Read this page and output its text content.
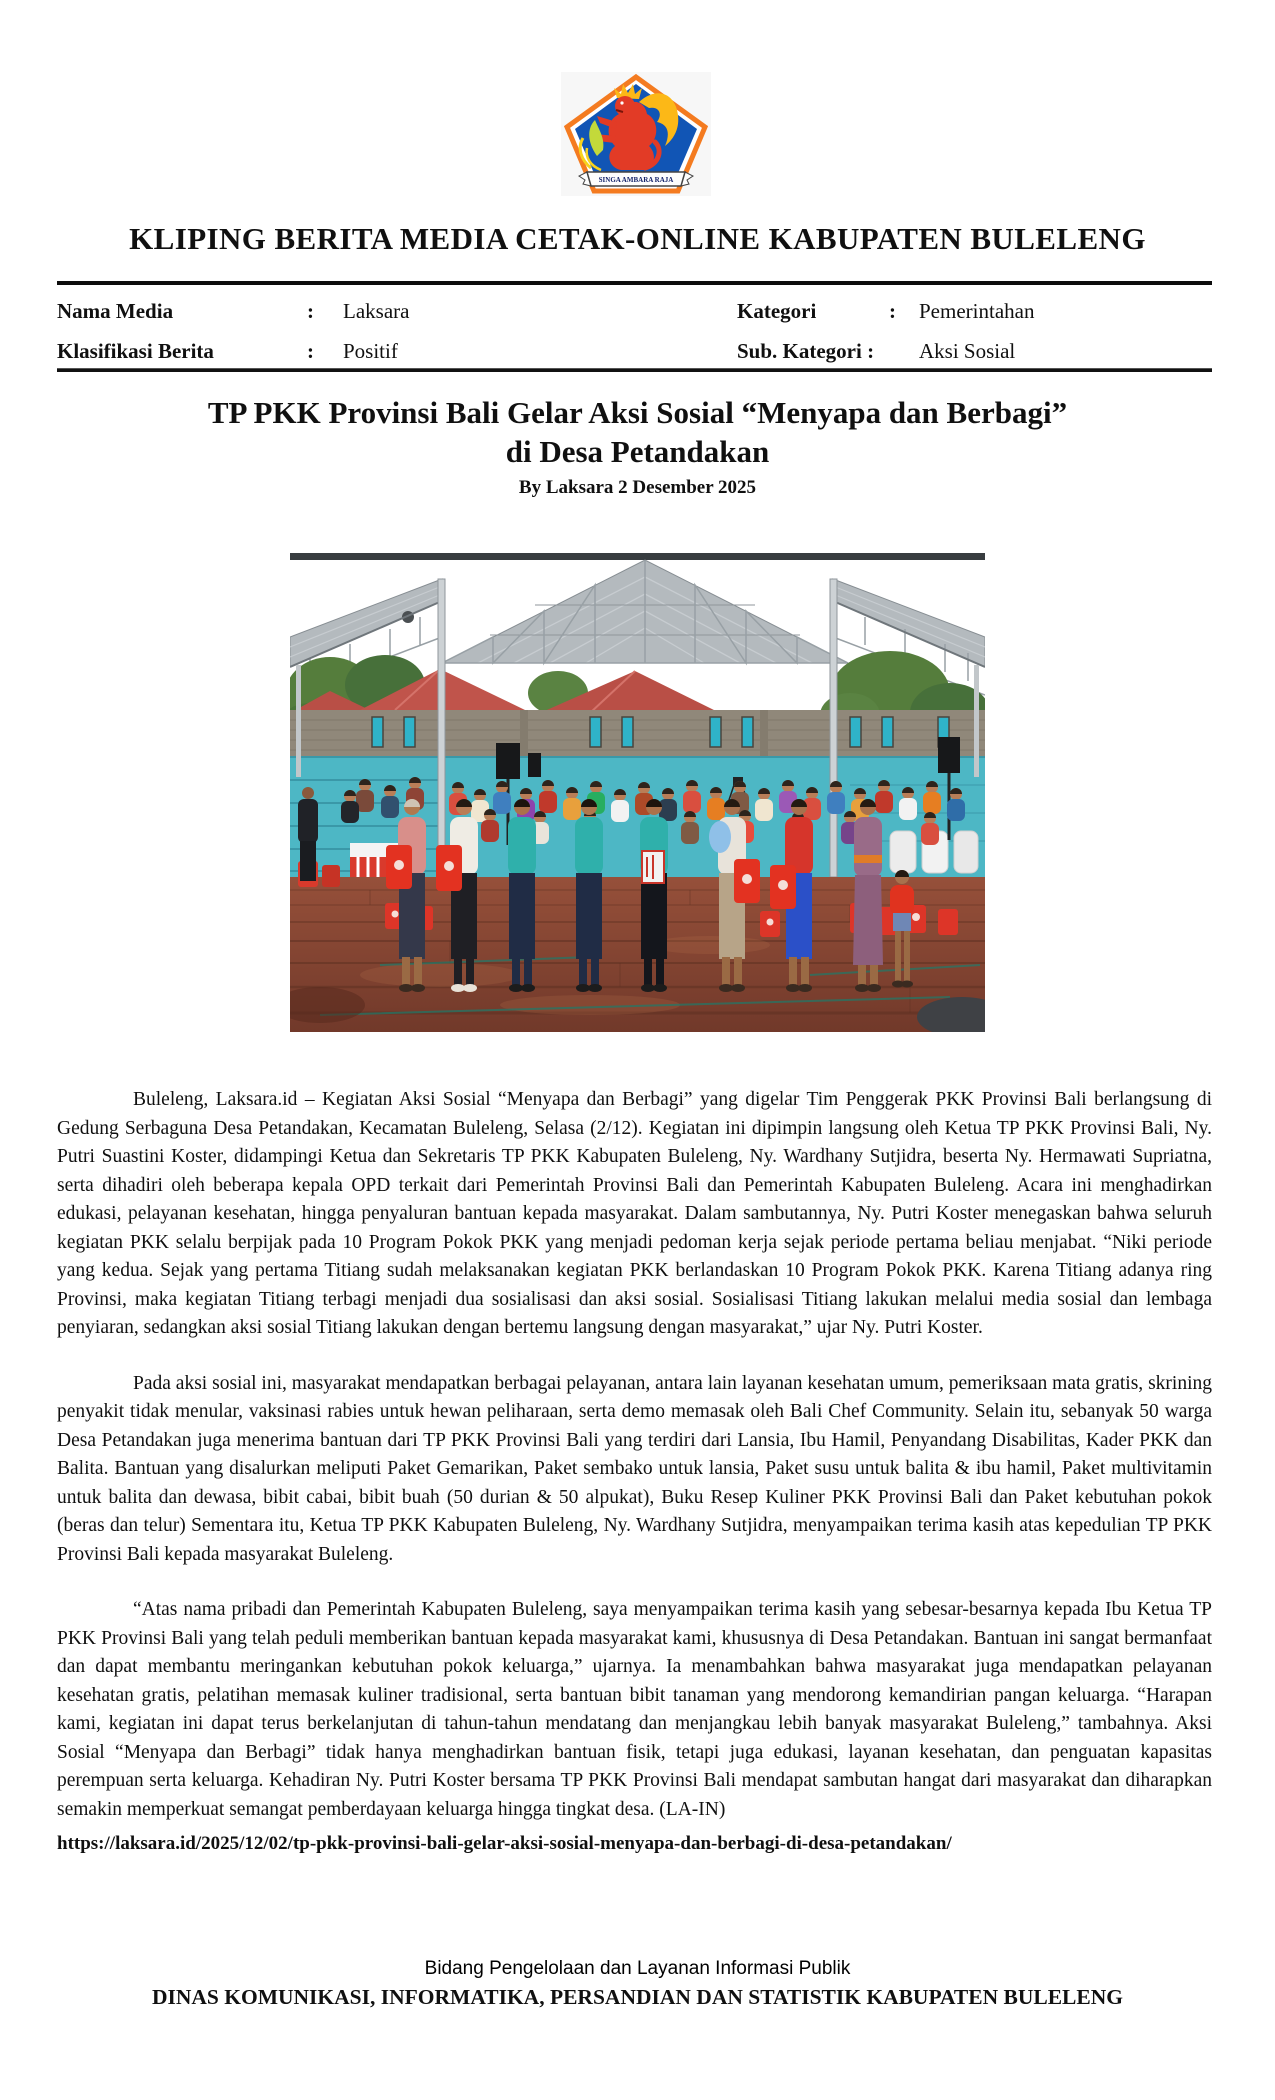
SINGA AMBARA RAJA
KLIPING BERITA MEDIA CETAK-ONLINE KABUPATEN BULELENG
Nama Media	:	Laksara	Kategori	:	Pemerintahan
Klasifikasi Berita	:	Positif	Sub. Kategori :	Aksi Sosial
TP PKK Provinsi Bali Gelar Aksi Sosial “Menyapa dan Berbagi”
di Desa Petandakan
By Laksara 2 Desember 2025

Buleleng, Laksara.id – Kegiatan Aksi Sosial “Menyapa dan Berbagi” yang digelar Tim Penggerak PKK Provinsi Bali berlangsung di Gedung Serbaguna Desa Petandakan, Kecamatan Buleleng, Selasa (2/12). Kegiatan ini dipimpin langsung oleh Ketua TP PKK Provinsi Bali, Ny. Putri Suastini Koster, didampingi Ketua dan Sekretaris TP PKK Kabupaten Buleleng, Ny. Wardhany Sutjidra, beserta Ny. Hermawati Supriatna, serta dihadiri oleh beberapa kepala OPD terkait dari Pemerintah Provinsi Bali dan Pemerintah Kabupaten Buleleng. Acara ini menghadirkan edukasi, pelayanan kesehatan, hingga penyaluran bantuan kepada masyarakat. Dalam sambutannya, Ny. Putri Koster menegaskan bahwa seluruh kegiatan PKK selalu berpijak pada 10 Program Pokok PKK yang menjadi pedoman kerja sejak periode pertama beliau menjabat. “Niki periode yang kedua. Sejak yang pertama Titiang sudah melaksanakan kegiatan PKK berlandaskan 10 Program Pokok PKK. Karena Titiang adanya ring Provinsi, maka kegiatan Titiang terbagi menjadi dua sosialisasi dan aksi sosial. Sosialisasi Titiang lakukan melalui media sosial dan lembaga penyiaran, sedangkan aksi sosial Titiang lakukan dengan bertemu langsung dengan masyarakat,” ujar Ny. Putri Koster.

Pada aksi sosial ini, masyarakat mendapatkan berbagai pelayanan, antara lain layanan kesehatan umum, pemeriksaan mata gratis, skrining penyakit tidak menular, vaksinasi rabies untuk hewan peliharaan, serta demo memasak oleh Bali Chef Community. Selain itu, sebanyak 50 warga Desa Petandakan juga menerima bantuan dari TP PKK Provinsi Bali yang terdiri dari Lansia, Ibu Hamil, Penyandang Disabilitas, Kader PKK dan Balita. Bantuan yang disalurkan meliputi Paket Gemarikan, Paket sembako untuk lansia, Paket susu untuk balita & ibu hamil, Paket multivitamin untuk balita dan dewasa, bibit cabai, bibit buah (50 durian & 50 alpukat), Buku Resep Kuliner PKK Provinsi Bali dan Paket kebutuhan pokok (beras dan telur) Sementara itu, Ketua TP PKK Kabupaten Buleleng, Ny. Wardhany Sutjidra, menyampaikan terima kasih atas kepedulian TP PKK Provinsi Bali kepada masyarakat Buleleng.

“Atas nama pribadi dan Pemerintah Kabupaten Buleleng, saya menyampaikan terima kasih yang sebesar-besarnya kepada Ibu Ketua TP PKK Provinsi Bali yang telah peduli memberikan bantuan kepada masyarakat kami, khususnya di Desa Petandakan. Bantuan ini sangat bermanfaat dan dapat membantu meringankan kebutuhan pokok keluarga,” ujarnya. Ia menambahkan bahwa masyarakat juga mendapatkan pelayanan kesehatan gratis, pelatihan memasak kuliner tradisional, serta bantuan bibit tanaman yang mendorong kemandirian pangan keluarga. “Harapan kami, kegiatan ini dapat terus berkelanjutan di tahun-tahun mendatang dan menjangkau lebih banyak masyarakat Buleleng,” tambahnya. Aksi Sosial “Menyapa dan Berbagi” tidak hanya menghadirkan bantuan fisik, tetapi juga edukasi, layanan kesehatan, dan penguatan kapasitas perempuan serta keluarga. Kehadiran Ny. Putri Koster bersama TP PKK Provinsi Bali mendapat sambutan hangat dari masyarakat dan diharapkan semakin memperkuat semangat pemberdayaan keluarga hingga tingkat desa. (LA-IN)

https://laksara.id/2025/12/02/tp-pkk-provinsi-bali-gelar-aksi-sosial-menyapa-dan-berbagi-di-desa-petandakan/
Bidang Pengelolaan dan Layanan Informasi Publik
DINAS KOMUNIKASI, INFORMATIKA, PERSANDIAN DAN STATISTIK KABUPATEN BULELENG
